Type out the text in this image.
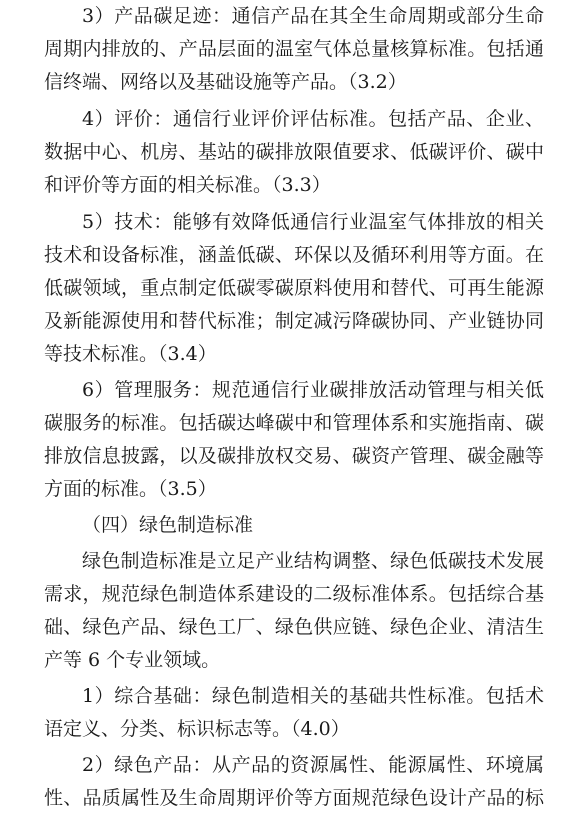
3）产品碳足迹：通信产品在其全生命周期或部分生命
周期内排放的、产品层面的温室气体总量核算标准。包括通
信终端、网络以及基础设施等产品。（3.2）
4）评价：通信行业评价评估标准。包括产品、企业、
数据中心、机房、基站的碳排放限值要求、低碳评价、碳中
和评价等方面的相关标准。（3.3）
5）技术：能够有效降低通信行业温室气体排放的相关
技术和设备标准，涵盖低碳、环保以及循环利用等方面。在
低碳领域，重点制定低碳零碳原料使用和替代、可再生能源
及新能源使用和替代标准；制定减污降碳协同、产业链协同
等技术标准。（3.4）
6）管理服务：规范通信行业碳排放活动管理与相关低
碳服务的标准。包括碳达峰碳中和管理体系和实施指南、碳
排放信息披露，以及碳排放权交易、碳资产管理、碳金融等
方面的标准。（3.5）
（四）绿色制造标准
绿色制造标准是立足产业结构调整、绿色低碳技术发展
需求，规范绿色制造体系建设的二级标准体系。包括综合基
础、绿色产品、绿色工厂、绿色供应链、绿色企业、清洁生
产等 6 个专业领域。
1）综合基础：绿色制造相关的基础共性标准。包括术
语定义、分类、标识标志等。（4.0）
2）绿色产品：从产品的资源属性、能源属性、环境属
性、品质属性及生命周期评价等方面规范绿色设计产品的标
